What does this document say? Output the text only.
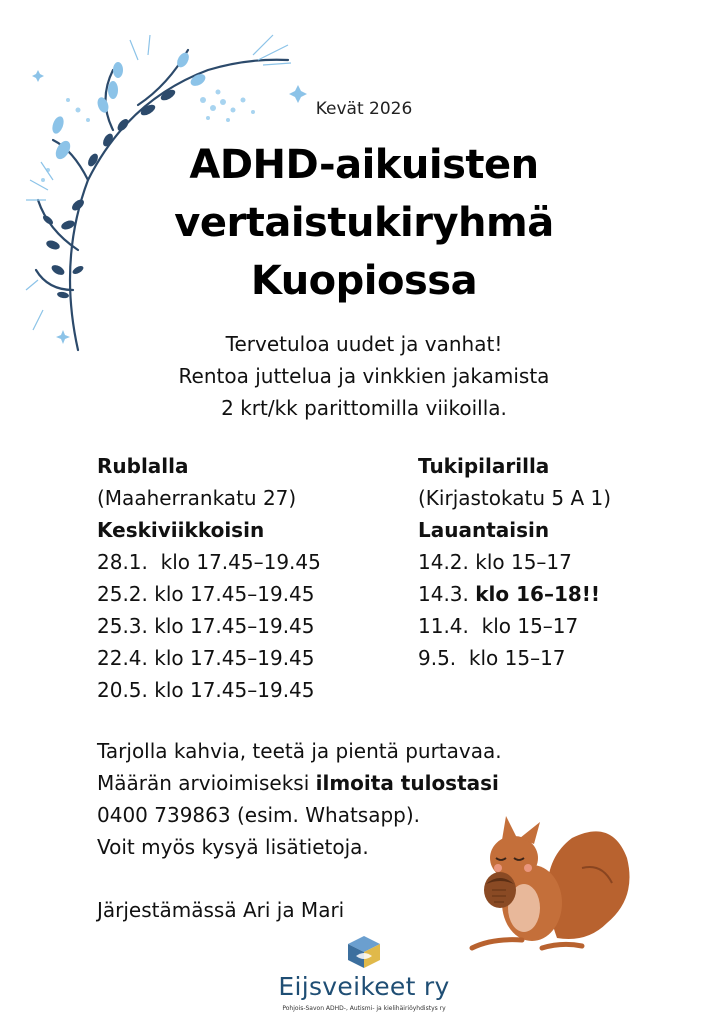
Kevät 2026
ADHD-aikuisten
vertaistukiryhmä
Kuopiossa
Tervetuloa uudet ja vanhat!
Rentoa juttelua ja vinkkien jakamista
2 krt/kk parittomilla viikoilla.
Rublalla
(Maaherrankatu 27)
Keskiviikkoisin
28.1. klo 17.45–19.45
25.2. klo 17.45–19.45
25.3. klo 17.45–19.45
22.4. klo 17.45–19.45
20.5. klo 17.45–19.45
Tukipilarilla
(Kirjastokatu 5 A 1)
Lauantaisin
14.2. klo 15–17
14.3. klo 16–18!!
11.4. klo 15–17
9.5. klo 15–17
Tarjolla kahvia, teetä ja pientä purtavaa.
Määrän arvioimiseksi ilmoita tulostasi
0400 739863 (esim. Whatsapp).
Voit myös kysyä lisätietoja.
Järjestämässä Ari ja Mari
Eijsveikeet ry
Pohjois-Savon ADHD-, Autismi- ja kielihäiriöyhdistys ry
